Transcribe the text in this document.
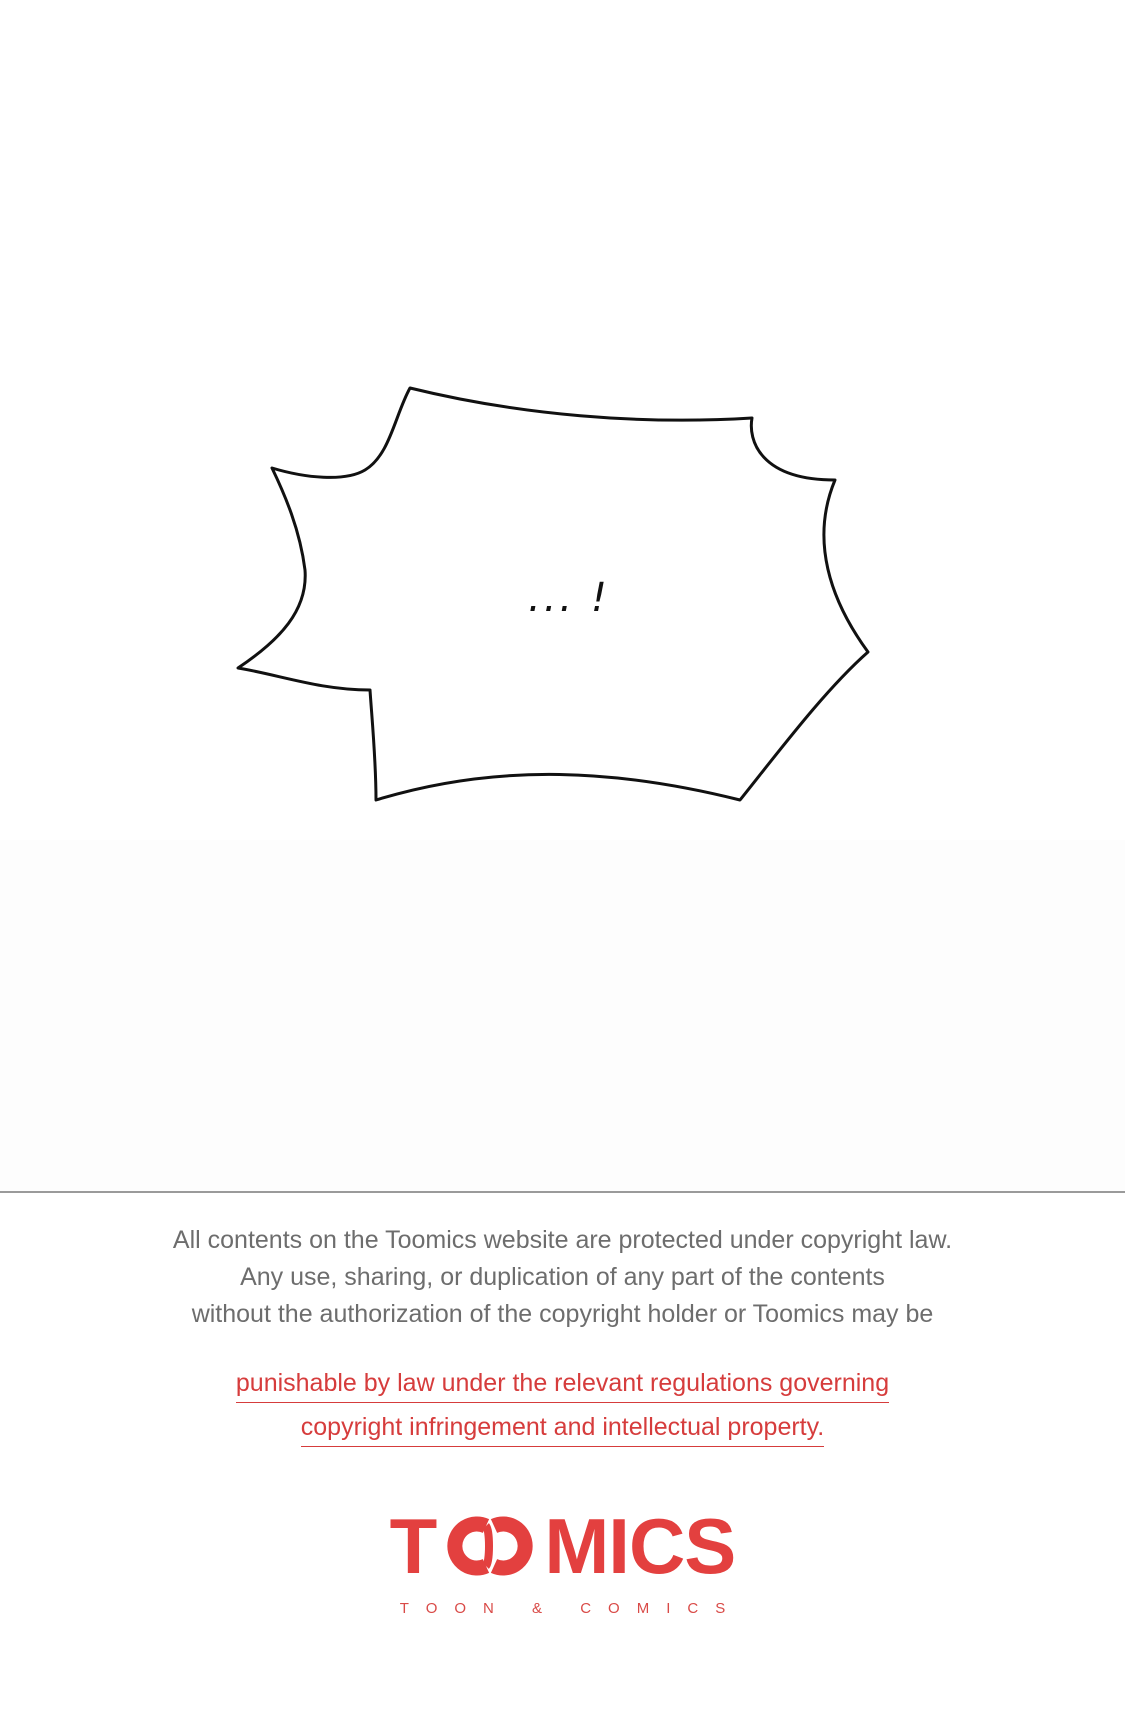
... !
All contents on the Toomics website are protected under copyright law.
Any use, sharing, or duplication of any part of the contents
without the authorization of the copyright holder or Toomics may be
punishable by law under the relevant regulations governing
copyright infringement and intellectual property.
T MICS
TOON & COMICS
